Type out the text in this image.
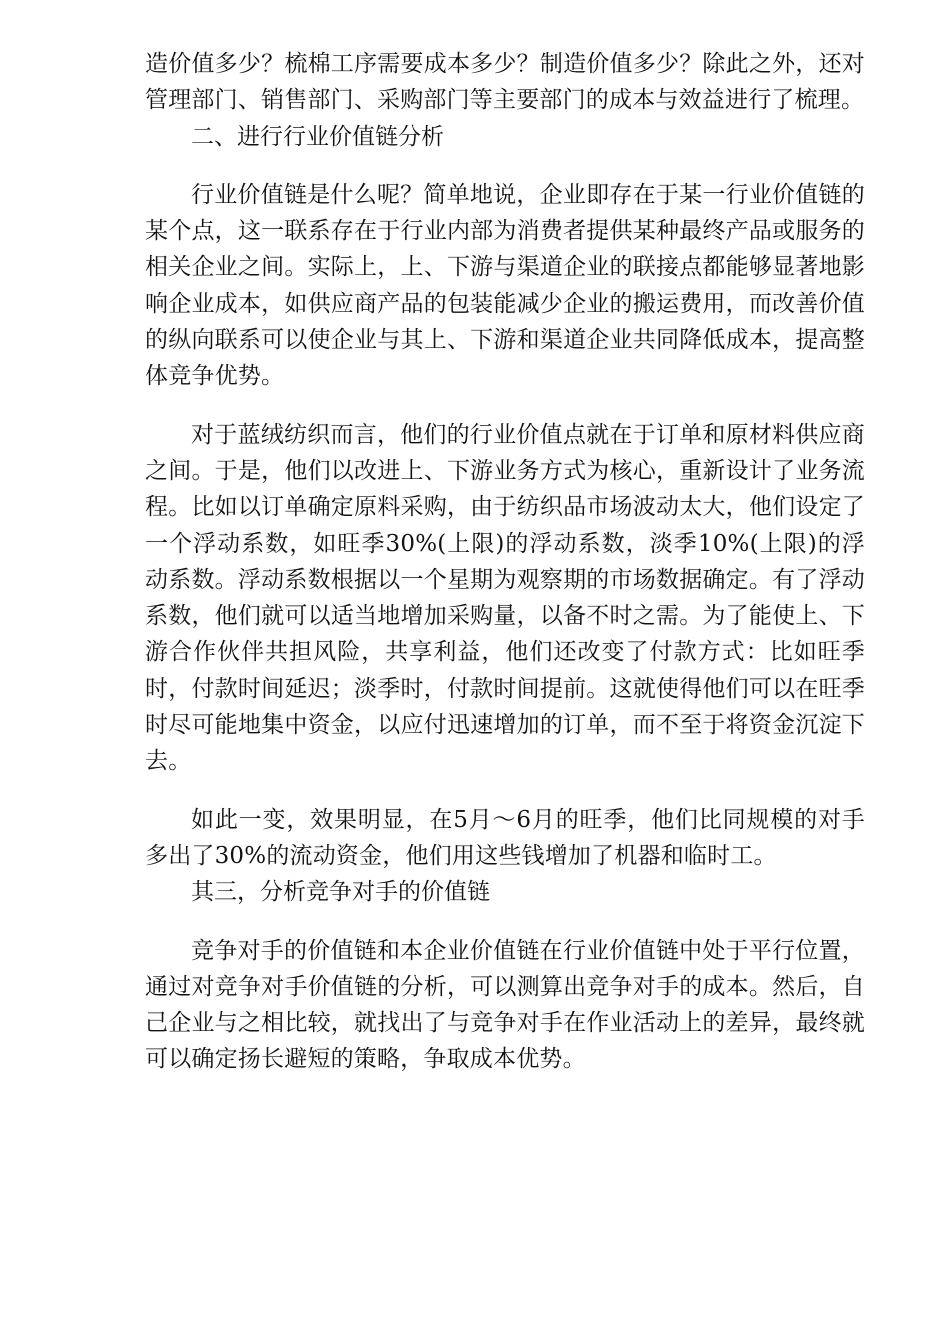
造价值多少？梳棉工序需要成本多少？制造价值多少？除此之外，还对管理部门、销售部门、采购部门等主要部门的成本与效益进行了梳理。

二、进行行业价值链分析

行业价值链是什么呢？简单地说，企业即存在于某一行业价值链的某个点，这一联系存在于行业内部为消费者提供某种最终产品或服务的相关企业之间。实际上，上、下游与渠道企业的联接点都能够显著地影响企业成本，如供应商产品的包装能减少企业的搬运费用，而改善价值的纵向联系可以使企业与其上、下游和渠道企业共同降低成本，提高整体竞争优势。

对于蓝绒纺织而言，他们的行业价值点就在于订单和原材料供应商之间。于是，他们以改进上、下游业务方式为核心，重新设计了业务流程。比如以订单确定原料采购，由于纺织品市场波动太大，他们设定了一个浮动系数，如旺季30%(上限)的浮动系数，淡季10%(上限)的浮动系数。浮动系数根据以一个星期为观察期的市场数据确定。有了浮动系数，他们就可以适当地增加采购量，以备不时之需。为了能使上、下游合作伙伴共担风险，共享利益，他们还改变了付款方式：比如旺季时，付款时间延迟；淡季时，付款时间提前。这就使得他们可以在旺季时尽可能地集中资金，以应付迅速增加的订单，而不至于将资金沉淀下去。

如此一变，效果明显，在5月～6月的旺季，他们比同规模的对手多出了30%的流动资金，他们用这些钱增加了机器和临时工。

其三，分析竞争对手的价值链

竞争对手的价值链和本企业价值链在行业价值链中处于平行位置，通过对竞争对手价值链的分析，可以测算出竞争对手的成本。然后，自己企业与之相比较，就找出了与竞争对手在作业活动上的差异，最终就可以确定扬长避短的策略，争取成本优势。
